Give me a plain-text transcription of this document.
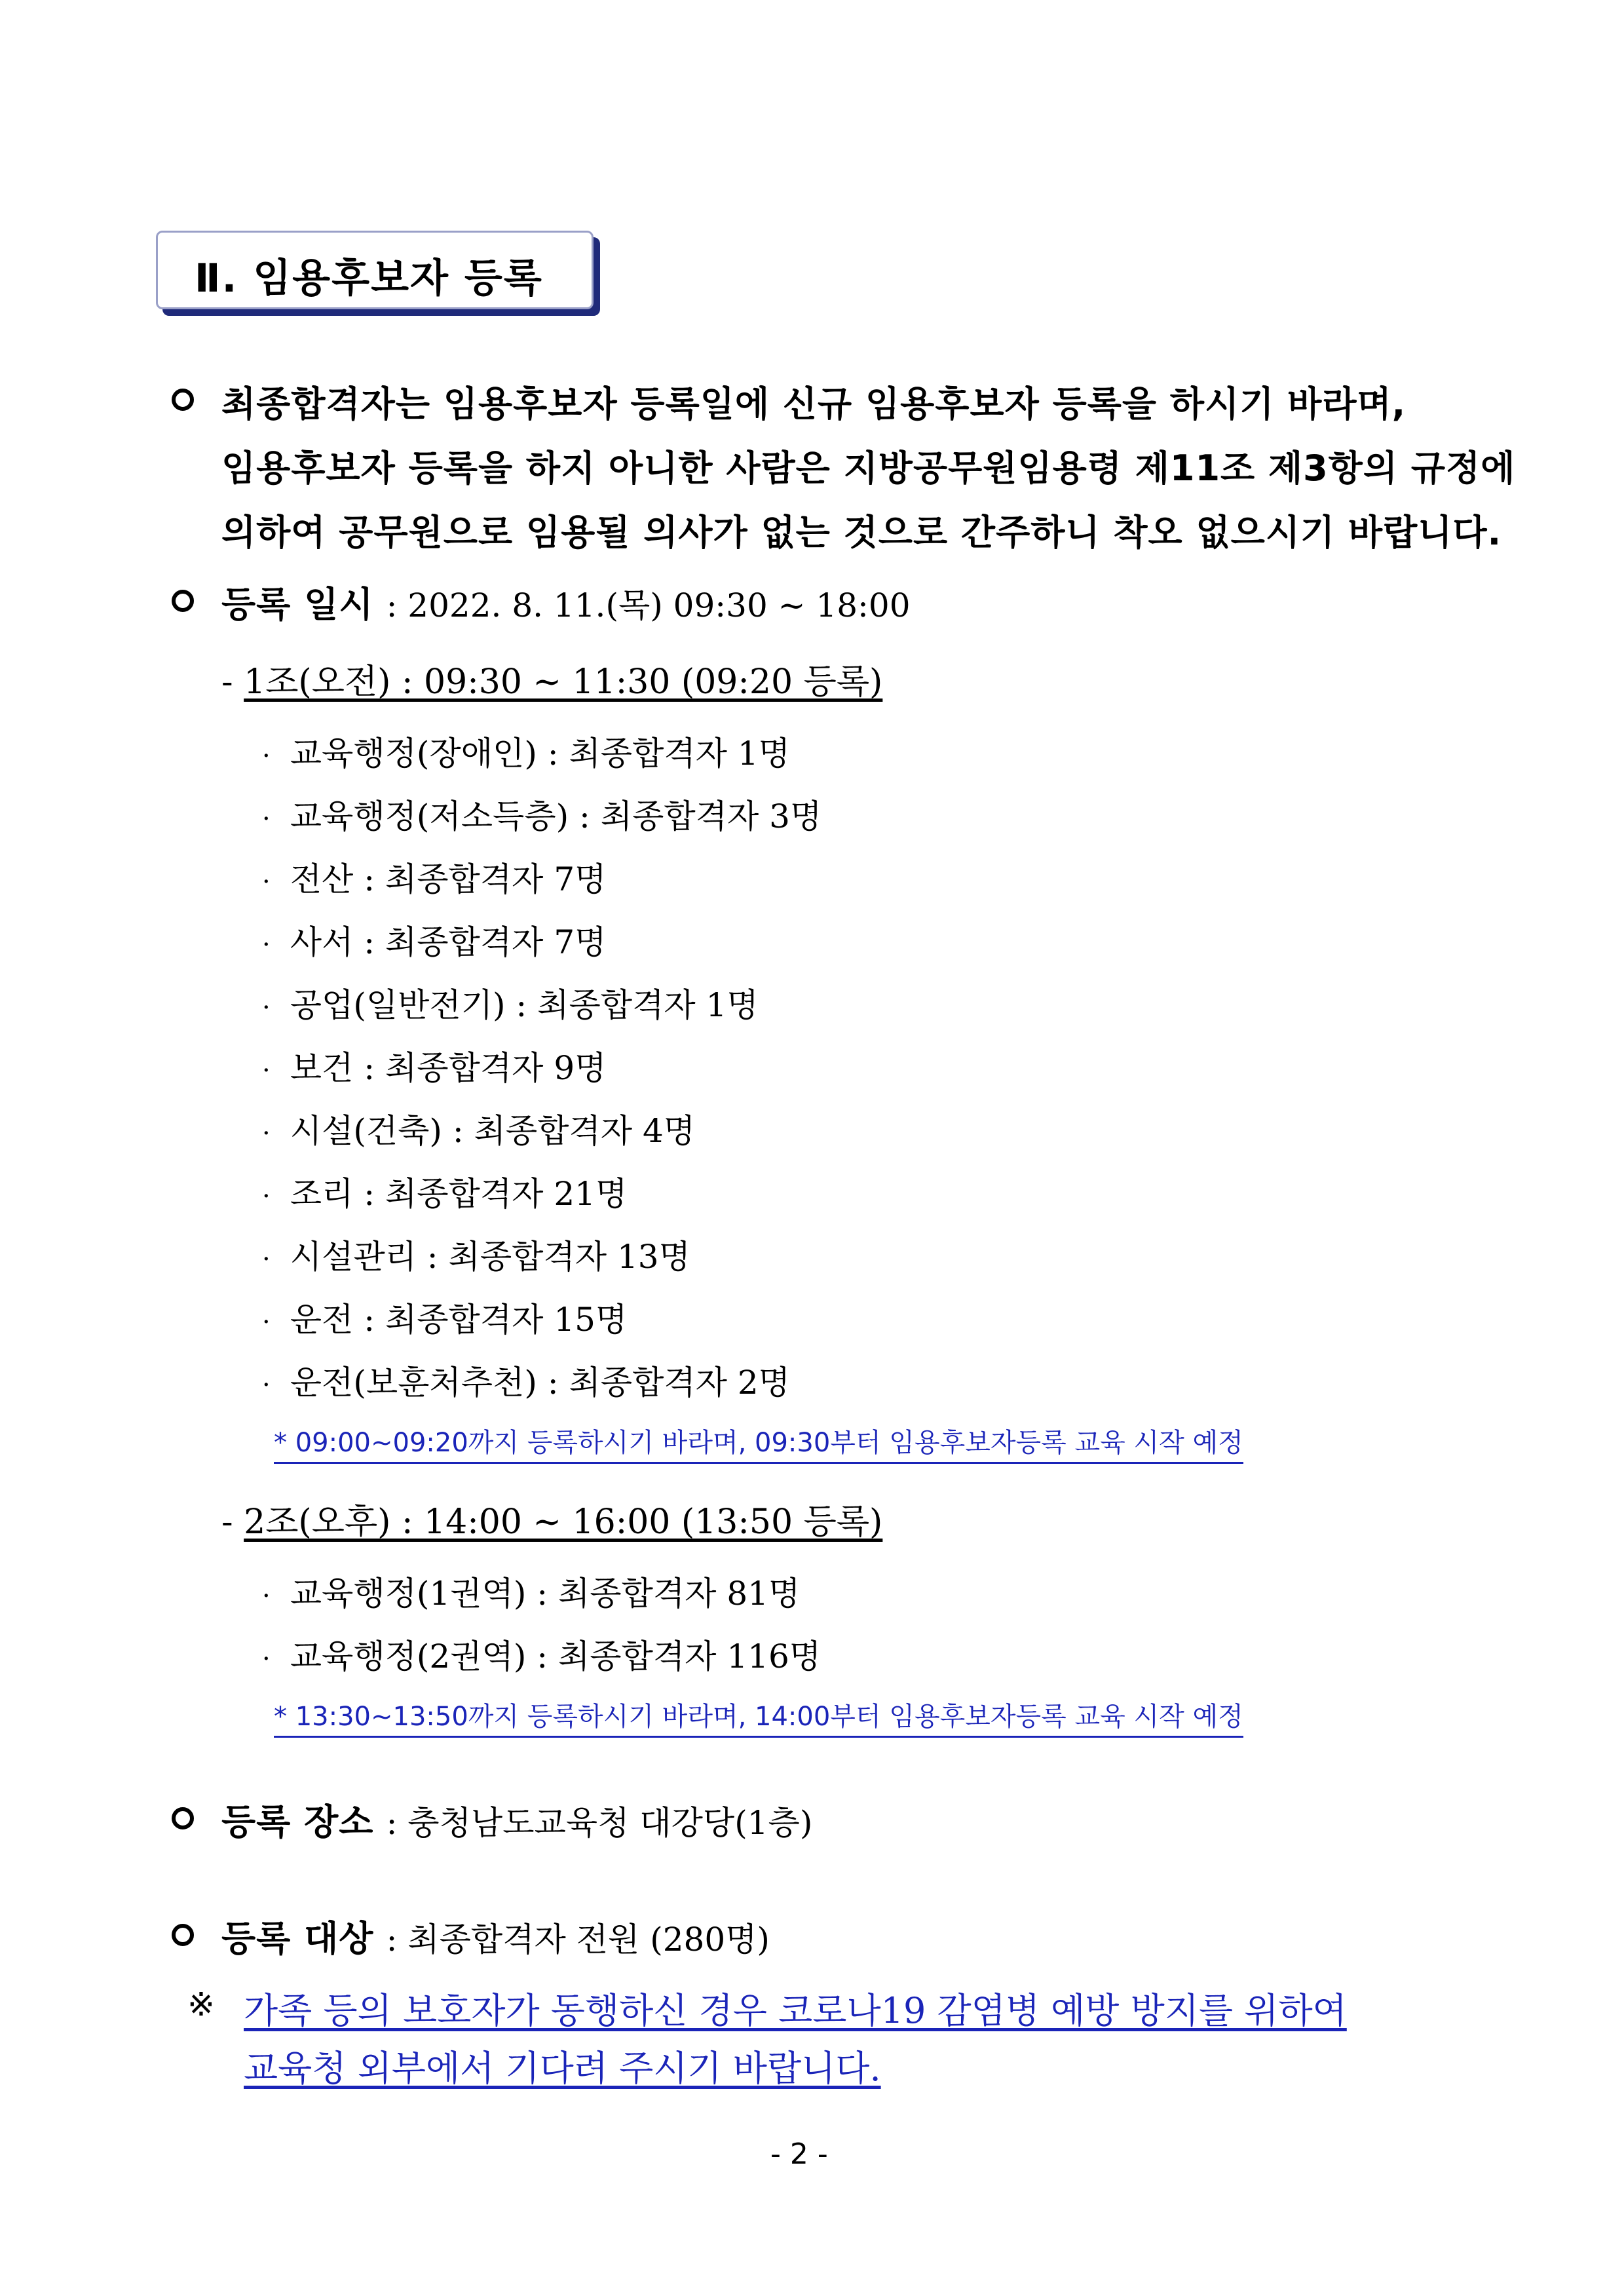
Ⅱ. 임용후보자 등록
최종합격자는 임용후보자 등록일에 신규 임용후보자 등록을 하시기 바라며,
임용후보자 등록을 하지 아니한 사람은 지방공무원임용령 제11조 제3항의 규정에
의하여 공무원으로 임용될 의사가 없는 것으로 간주하니 착오 없으시기 바랍니다.
등록 일시 : 2022. 8. 11.(목) 09:30 ~ 18:00
- 1조(오전) : 09:30 ~ 11:30 (09:20 등록)
· 교육행정(장애인) : 최종합격자 1명
· 교육행정(저소득층) : 최종합격자 3명
· 전산 : 최종합격자 7명
· 사서 : 최종합격자 7명
· 공업(일반전기) : 최종합격자 1명
· 보건 : 최종합격자 9명
· 시설(건축) : 최종합격자 4명
· 조리 : 최종합격자 21명
· 시설관리 : 최종합격자 13명
· 운전 : 최종합격자 15명
· 운전(보훈처추천) : 최종합격자 2명
* 09:00~09:20까지 등록하시기 바라며, 09:30부터 임용후보자등록 교육 시작 예정
- 2조(오후) : 14:00 ~ 16:00 (13:50 등록)
· 교육행정(1권역) : 최종합격자 81명
· 교육행정(2권역) : 최종합격자 116명
* 13:30~13:50까지 등록하시기 바라며, 14:00부터 임용후보자등록 교육 시작 예정
등록 장소 : 충청남도교육청 대강당(1층)
등록 대상 : 최종합격자 전원 (280명)
※ 가족 등의 보호자가 동행하신 경우 코로나19 감염병 예방 방지를 위하여
교육청 외부에서 기다려 주시기 바랍니다.
- 2 -
